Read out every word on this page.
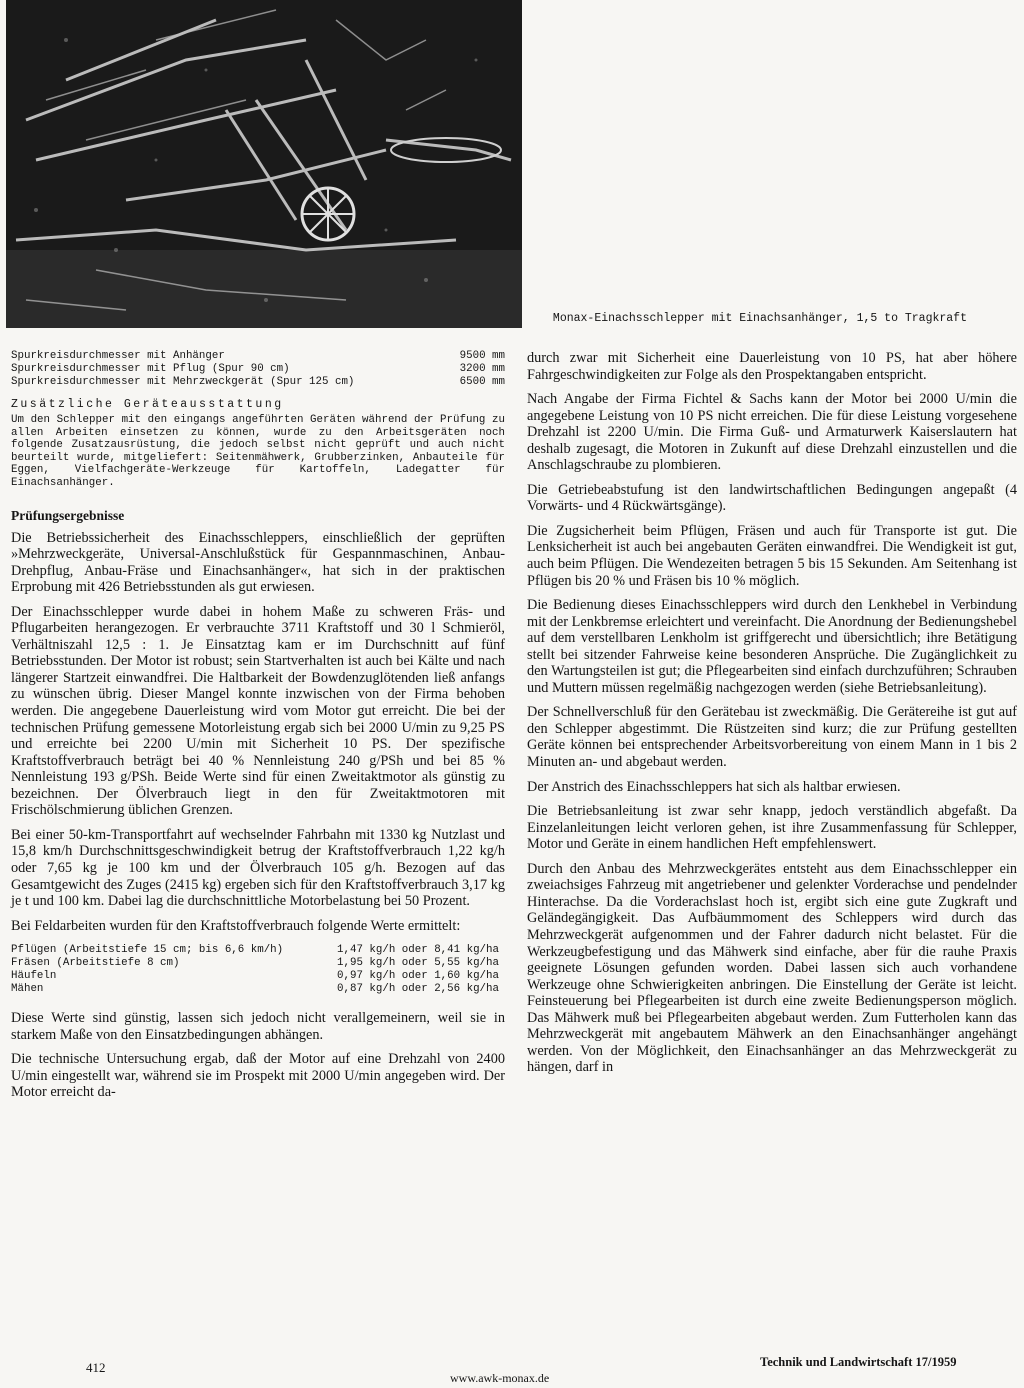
Monax-Einachsschlepper mit Einachsanhänger, 1,5 to Tragkraft
Spurkreisdurchmesser mit Anhänger	9500 mm
Spurkreisdurchmesser mit Pflug (Spur 90 cm)	3200 mm
Spurkreisdurchmesser mit Mehrzweckgerät (Spur 125 cm)	6500 mm
Zusätzliche Geräteausstattung

Um den Schlepper mit den eingangs angeführten Geräten während der Prüfung zu allen Arbeiten einsetzen zu können, wurde zu den Arbeitsgeräten noch folgende Zusatzausrüstung, die jedoch selbst nicht geprüft und auch nicht beurteilt wurde, mitgeliefert: Seitenmähwerk, Grubberzinken, Anbauteile für Eggen, Vielfachgeräte-Werkzeuge für Kartoffeln, Ladegatter für Einachsanhänger.

Prüfungsergebnisse

Die Betriebssicherheit des Einachsschleppers, einschließlich der geprüften »Mehrzweckgeräte, Universal-Anschlußstück für Gespannmaschinen, Anbau-Drehpflug, Anbau-Fräse und Einachsanhänger«, hat sich in der praktischen Erprobung mit 426 Betriebsstunden als gut erwiesen.

Der Einachsschlepper wurde dabei in hohem Maße zu schweren Fräs- und Pflugarbeiten herangezogen. Er verbrauchte 3711 Kraftstoff und 30 l Schmieröl, Verhältniszahl 12,5 : 1. Je Einsatztag kam er im Durchschnitt auf fünf Betriebsstunden. Der Motor ist robust; sein Startverhalten ist auch bei Kälte und nach längerer Startzeit einwandfrei. Die Haltbarkeit der Bowdenzuglötenden ließ anfangs zu wünschen übrig. Dieser Mangel konnte inzwischen von der Firma behoben werden. Die angegebene Dauerleistung wird vom Motor gut erreicht. Die bei der technischen Prüfung gemessene Motorleistung ergab sich bei 2000 U/min zu 9,25 PS und erreichte bei 2200 U/min mit Sicherheit 10 PS. Der spezifische Kraftstoffverbrauch beträgt bei 40 % Nennleistung 240 g/PSh und bei 85 % Nennleistung 193 g/PSh. Beide Werte sind für einen Zweitaktmotor als günstig zu bezeichnen. Der Ölverbrauch liegt in den für Zweitaktmotoren mit Frischölschmierung üblichen Grenzen.

Bei einer 50-km-Transportfahrt auf wechselnder Fahrbahn mit 1330 kg Nutzlast und 15,8 km/h Durchschnittsgeschwindigkeit betrug der Kraftstoffverbrauch 1,22 kg/h oder 7,65 kg je 100 km und der Ölverbrauch 105 g/h. Bezogen auf das Gesamtgewicht des Zuges (2415 kg) ergeben sich für den Kraftstoffverbrauch 3,17 kg je t und 100 km. Dabei lag die durchschnittliche Motorbelastung bei 50 Prozent.

Bei Feldarbeiten wurden für den Kraftstoffverbrauch folgende Werte ermittelt:

Pflügen (Arbeitstiefe 15 cm; bis 6,6 km/h)	1,47 kg/h oder 8,41 kg/ha
Fräsen (Arbeitstiefe 8 cm)	1,95 kg/h oder 5,55 kg/ha
Häufeln	0,97 kg/h oder 1,60 kg/ha
Mähen	0,87 kg/h oder 2,56 kg/ha

Diese Werte sind günstig, lassen sich jedoch nicht verallgemeinern, weil sie in starkem Maße von den Einsatzbedingungen abhängen.

Die technische Untersuchung ergab, daß der Motor auf eine Drehzahl von 2400 U/min eingestellt war, während sie im Prospekt mit 2000 U/min angegeben wird. Der Motor erreicht da-

durch zwar mit Sicherheit eine Dauerleistung von 10 PS, hat aber höhere Fahrgeschwindigkeiten zur Folge als den Prospektangaben entspricht.

Nach Angabe der Firma Fichtel & Sachs kann der Motor bei 2000 U/min die angegebene Leistung von 10 PS nicht erreichen. Die für diese Leistung vorgesehene Drehzahl ist 2200 U/min. Die Firma Guß- und Armaturwerk Kaiserslautern hat deshalb zugesagt, die Motoren in Zukunft auf diese Drehzahl einzustellen und die Anschlagschraube zu plombieren.

Die Getriebeabstufung ist den landwirtschaftlichen Bedingungen angepaßt (4 Vorwärts- und 4 Rückwärtsgänge).

Die Zugsicherheit beim Pflügen, Fräsen und auch für Transporte ist gut. Die Lenksicherheit ist auch bei angebauten Geräten einwandfrei. Die Wendigkeit ist gut, auch beim Pflügen. Die Wendezeiten betragen 5 bis 15 Sekunden. Am Seitenhang ist Pflügen bis 20 % und Fräsen bis 10 % möglich.

Die Bedienung dieses Einachsschleppers wird durch den Lenkhebel in Verbindung mit der Lenkbremse erleichtert und vereinfacht. Die Anordnung der Bedienungshebel auf dem verstellbaren Lenkholm ist griffgerecht und übersichtlich; ihre Betätigung stellt bei sitzender Fahrweise keine besonderen Ansprüche. Die Zugänglichkeit zu den Wartungsteilen ist gut; die Pflegearbeiten sind einfach durchzuführen; Schrauben und Muttern müssen regelmäßig nachgezogen werden (siehe Betriebsanleitung).

Der Schnellverschluß für den Gerätebau ist zweckmäßig. Die Gerätereihe ist gut auf den Schlepper abgestimmt. Die Rüstzeiten sind kurz; die zur Prüfung gestellten Geräte können bei entsprechender Arbeitsvorbereitung von einem Mann in 1 bis 2 Minuten an- und abgebaut werden.

Der Anstrich des Einachsschleppers hat sich als haltbar erwiesen.

Die Betriebsanleitung ist zwar sehr knapp, jedoch verständlich abgefaßt. Da Einzelanleitungen leicht verloren gehen, ist ihre Zusammenfassung für Schlepper, Motor und Geräte in einem handlichen Heft empfehlenswert.

Durch den Anbau des Mehrzweckgerätes entsteht aus dem Einachsschlepper ein zweiachsiges Fahrzeug mit angetriebener und gelenkter Vorderachse und pendelnder Hinterachse. Da die Vorderachslast hoch ist, ergibt sich eine gute Zugkraft und Geländegängigkeit. Das Aufbäummoment des Schleppers wird durch das Mehrzweckgerät aufgenommen und der Fahrer dadurch nicht belastet. Für die Werkzeugbefestigung und das Mähwerk sind einfache, aber für die rauhe Praxis geeignete Lösungen gefunden worden. Dabei lassen sich auch vorhandene Werkzeuge ohne Schwierigkeiten anbringen. Die Einstellung der Geräte ist leicht. Feinsteuerung bei Pflegearbeiten ist durch eine zweite Bedienungsperson möglich. Das Mähwerk muß bei Pflegearbeiten abgebaut werden. Zum Futterholen kann das Mehrzweckgerät mit angebautem Mähwerk an den Einachsanhänger angehängt werden. Von der Möglichkeit, den Einachsanhänger an das Mehrzweckgerät zu hängen, darf in

412
www.awk-monax.de
Technik und Landwirtschaft 17/1959
